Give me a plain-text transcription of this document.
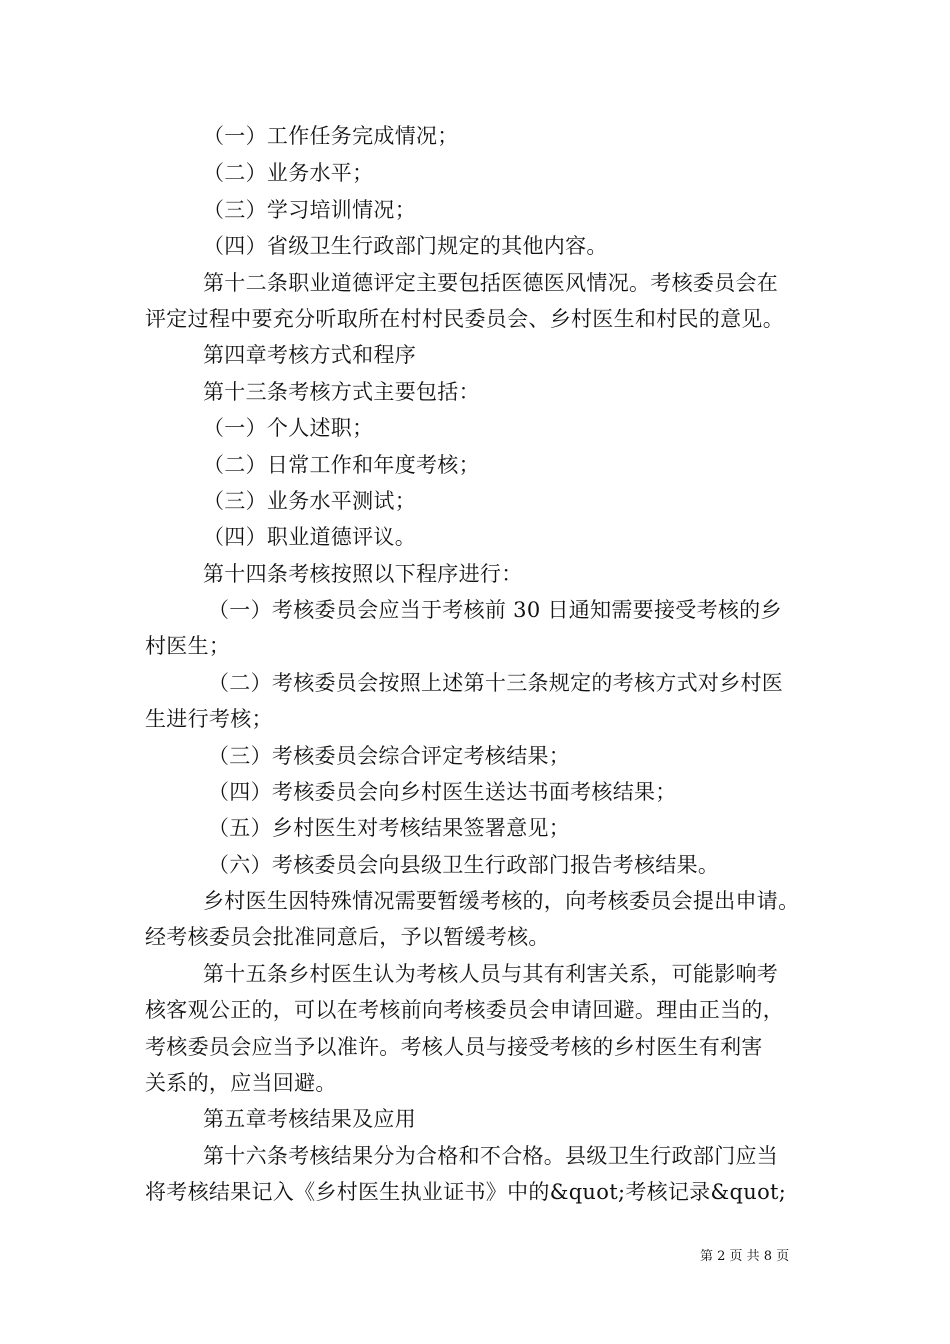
（一）工作任务完成情况；
（二）业务水平；
（三）学习培训情况；
（四）省级卫生行政部门规定的其他内容。
第十二条职业道德评定主要包括医德医风情况。考核委员会在
评定过程中要充分听取所在村村民委员会、乡村医生和村民的意见。
第四章考核方式和程序
第十三条考核方式主要包括：
（一）个人述职；
（二）日常工作和年度考核；
（三）业务水平测试；
（四）职业道德评议。
第十四条考核按照以下程序进行：
（一）考核委员会应当于考核前 30 日通知需要接受考核的乡
村医生；
（二）考核委员会按照上述第十三条规定的考核方式对乡村医
生进行考核；
（三）考核委员会综合评定考核结果；
（四）考核委员会向乡村医生送达书面考核结果；
（五）乡村医生对考核结果签署意见；
（六）考核委员会向县级卫生行政部门报告考核结果。
乡村医生因特殊情况需要暂缓考核的，向考核委员会提出申请。
经考核委员会批准同意后，予以暂缓考核。
第十五条乡村医生认为考核人员与其有利害关系，可能影响考
核客观公正的，可以在考核前向考核委员会申请回避。理由正当的，
考核委员会应当予以准许。考核人员与接受考核的乡村医生有利害
关系的，应当回避。
第五章考核结果及应用
第十六条考核结果分为合格和不合格。县级卫生行政部门应当
将考核结果记入《乡村医生执业证书》中的&quot;考核记录&quot;
第 2 页 共 8 页
